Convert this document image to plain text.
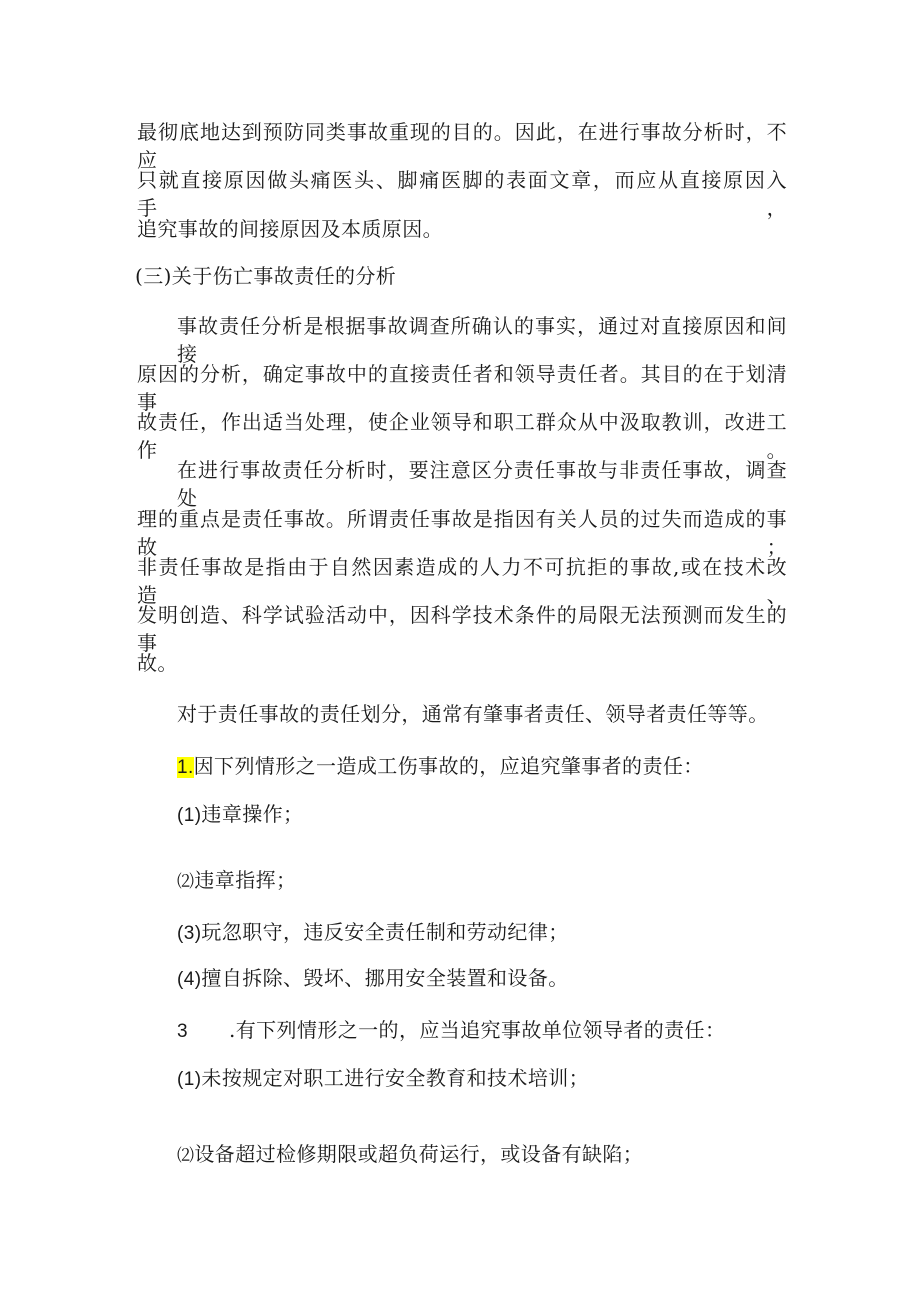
最彻底地达到预防同类事故重现的目的。因此，在进行事故分析时，不应
只就直接原因做头痛医头、脚痛医脚的表面文章，而应从直接原因入手，
追究事故的间接原因及本质原因。
(三)关于伤亡事故责任的分析
事故责任分析是根据事故调查所确认的事实，通过对直接原因和间接
原因的分析，确定事故中的直接责任者和领导责任者。其目的在于划清事
故责任，作出适当处理，使企业领导和职工群众从中汲取教训，改进工作。
在进行事故责任分析时，要注意区分责任事故与非责任事故，调查处
理的重点是责任事故。所谓责任事故是指因有关人员的过失而造成的事故；
非责任事故是指由于自然因素造成的人力不可抗拒的事故,或在技术改造、
发明创造、科学试验活动中，因科学技术条件的局限无法预测而发生的事
故。
对于责任事故的责任划分，通常有肇事者责任、领导者责任等等。
1.因下列情形之一造成工伤事故的，应追究肇事者的责任：
(1)违章操作；
⑵违章指挥；
(3)玩忽职守，违反安全责任制和劳动纪律；
(4)擅自拆除、毁坏、挪用安全装置和设备。
3 .有下列情形之一的，应当追究事故单位领导者的责任：
(1)未按规定对职工进行安全教育和技术培训；
⑵设备超过检修期限或超负荷运行，或设备有缺陷；
